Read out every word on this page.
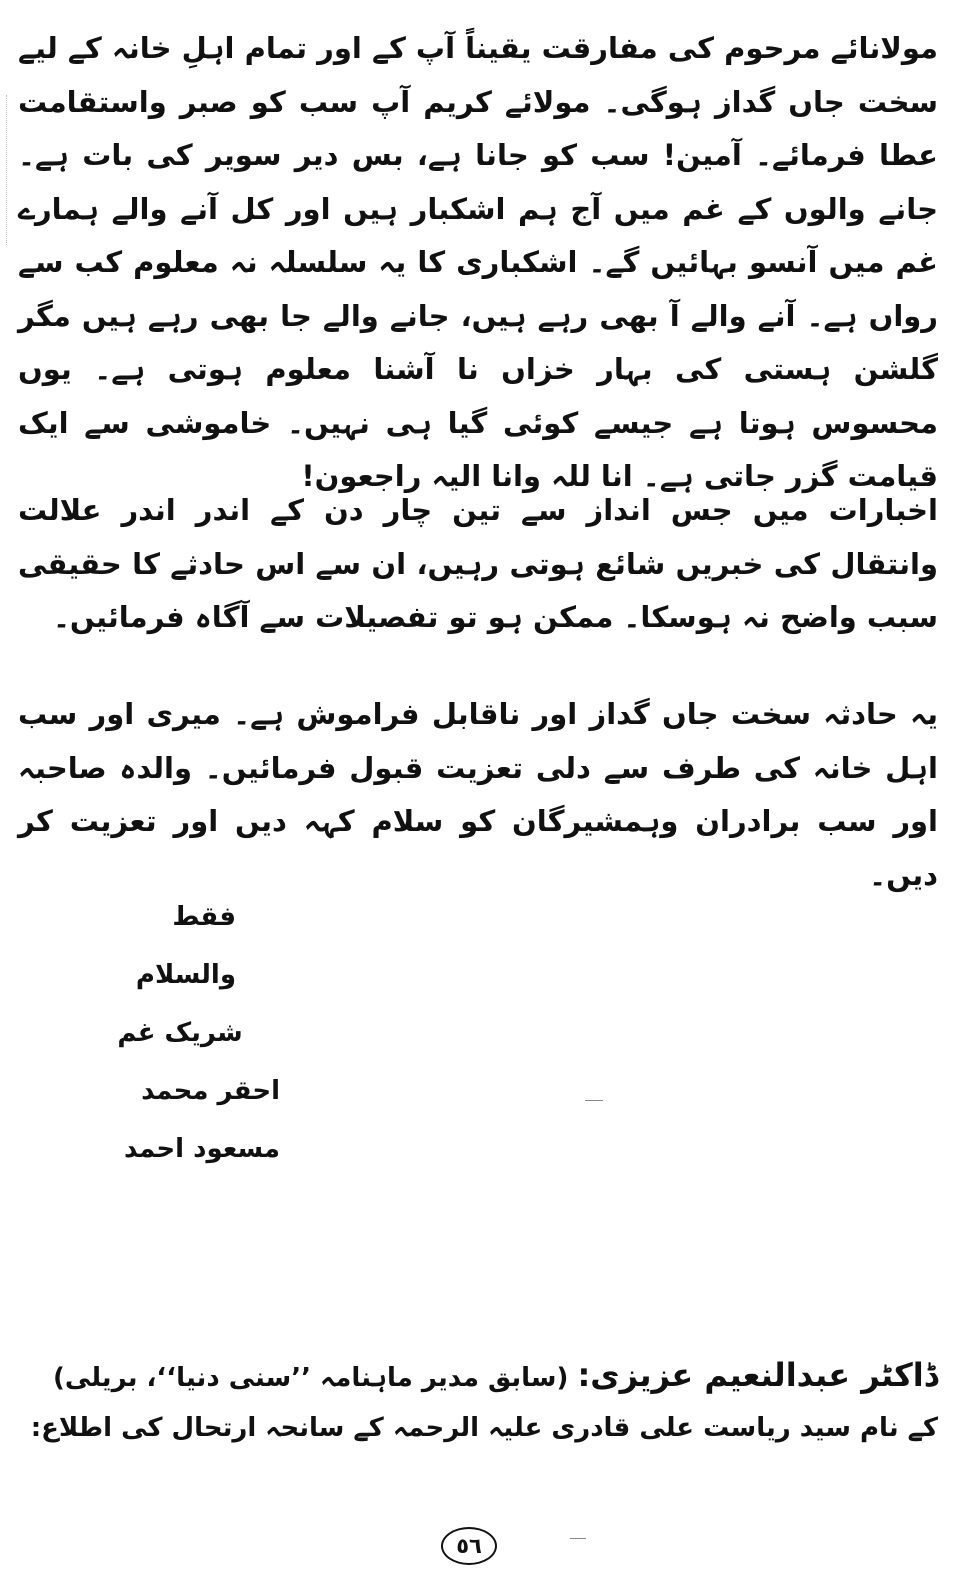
مولانائے مرحوم کی مفارقت یقیناً آپ کے اور تمام اہلِ خانہ کے لیے سخت جاں گداز ہوگی۔ مولائے کریم آپ سب کو صبر واستقامت عطا فرمائے۔ آمین! سب کو جانا ہے، بس دیر سویر کی بات ہے۔ جانے والوں کے غم میں آج ہم اشکبار ہیں اور کل آنے والے ہمارے غم میں آنسو بہائیں گے۔ اشکباری کا یہ سلسلہ نہ معلوم کب سے رواں ہے۔ آنے والے آ بھی رہے ہیں، جانے والے جا بھی رہے ہیں مگر گلشن ہستی کی بہار خزاں نا آشنا معلوم ہوتی ہے۔ یوں محسوس ہوتا ہے جیسے کوئی گیا ہی نہیں۔ خاموشی سے ایک قیامت گزر جاتی ہے۔ انا للہ وانا الیہ راجعون!

اخبارات میں جس انداز سے تین چار دن کے اندر اندر علالت وانتقال کی خبریں شائع ہوتی رہیں، ان سے اس حادثے کا حقیقی سبب واضح نہ ہوسکا۔ ممکن ہو تو تفصیلات سے آگاہ فرمائیں۔

یہ حادثہ سخت جاں گداز اور ناقابل فراموش ہے۔ میری اور سب اہل خانہ کی طرف سے دلی تعزیت قبول فرمائیں۔ والدہ صاحبہ اور سب برادران وہمشیرگان کو سلام کہہ دیں اور تعزیت کر دیں۔

فقط والسلام
شریک غم
احقر محمد مسعود احمد
ڈاکٹر عبدالنعیم عزیزی: (سابق مدیر ماہنامہ ’’سنی دنیا‘‘، بریلی) کے نام سید ریاست علی قادری علیہ الرحمہ کے سانحہ ارتحال کی اطلاع:
٥٦
